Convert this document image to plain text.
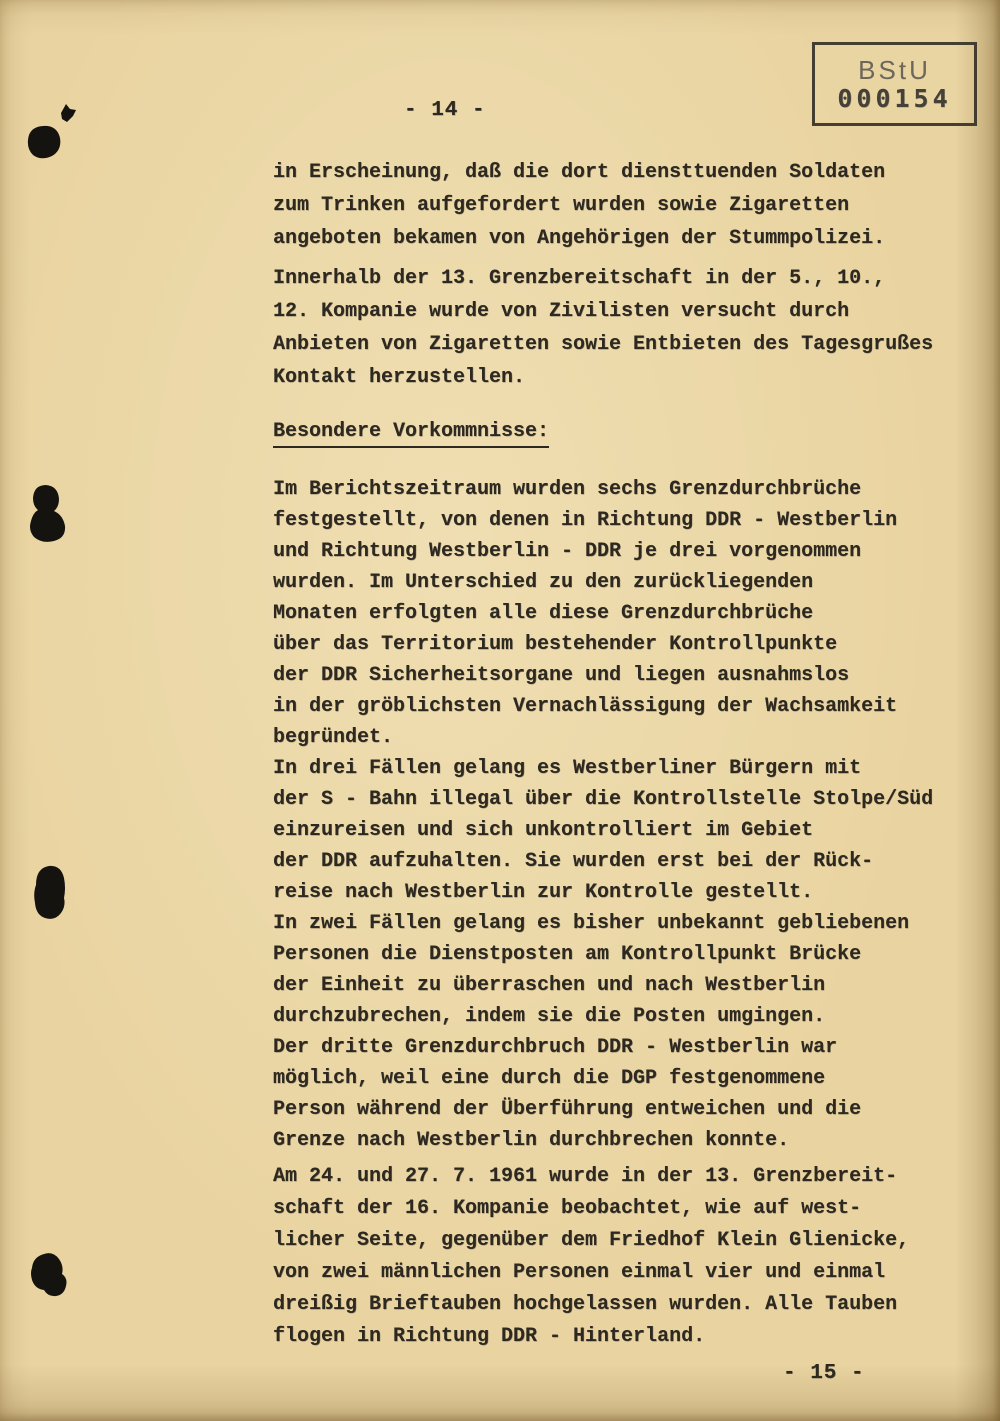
BStU
000154
- 14 -
in Erscheinung, daß die dort diensttuenden Soldaten
zum Trinken aufgefordert wurden sowie Zigaretten
angeboten bekamen von Angehörigen der Stummpolizei.
Innerhalb der 13. Grenzbereitschaft in der 5., 10.,
12. Kompanie wurde von Zivilisten versucht durch
Anbieten von Zigaretten sowie Entbieten des Tagesgrußes
Kontakt herzustellen.
Besondere Vorkommnisse:
Im Berichtszeitraum wurden sechs Grenzdurchbrüche
festgestellt, von denen in Richtung DDR - Westberlin
und Richtung Westberlin - DDR je drei vorgenommen
wurden. Im Unterschied zu den zurückliegenden
Monaten erfolgten alle diese Grenzdurchbrüche
über das Territorium bestehender Kontrollpunkte
der DDR Sicherheitsorgane und liegen ausnahmslos
in der gröblichsten Vernachlässigung der Wachsamkeit
begründet.
In drei Fällen gelang es Westberliner Bürgern mit
der S - Bahn illegal über die Kontrollstelle Stolpe/Süd
einzureisen und sich unkontrolliert im Gebiet
der DDR aufzuhalten. Sie wurden erst bei der Rück-
reise nach Westberlin zur Kontrolle gestellt.
In zwei Fällen gelang es bisher unbekannt gebliebenen
Personen die Dienstposten am Kontrollpunkt Brücke
der Einheit zu überraschen und nach Westberlin
durchzubrechen, indem sie die Posten umgingen.
Der dritte Grenzdurchbruch DDR - Westberlin war
möglich, weil eine durch die DGP festgenommene
Person während der Überführung entweichen und die
Grenze nach Westberlin durchbrechen konnte.
Am 24. und 27. 7. 1961 wurde in der 13. Grenzbereit-
schaft der 16. Kompanie beobachtet, wie auf west-
licher Seite, gegenüber dem Friedhof Klein Glienicke,
von zwei männlichen Personen einmal vier und einmal
dreißig Brieftauben hochgelassen wurden. Alle Tauben
flogen in Richtung DDR - Hinterland.
- 15 -
